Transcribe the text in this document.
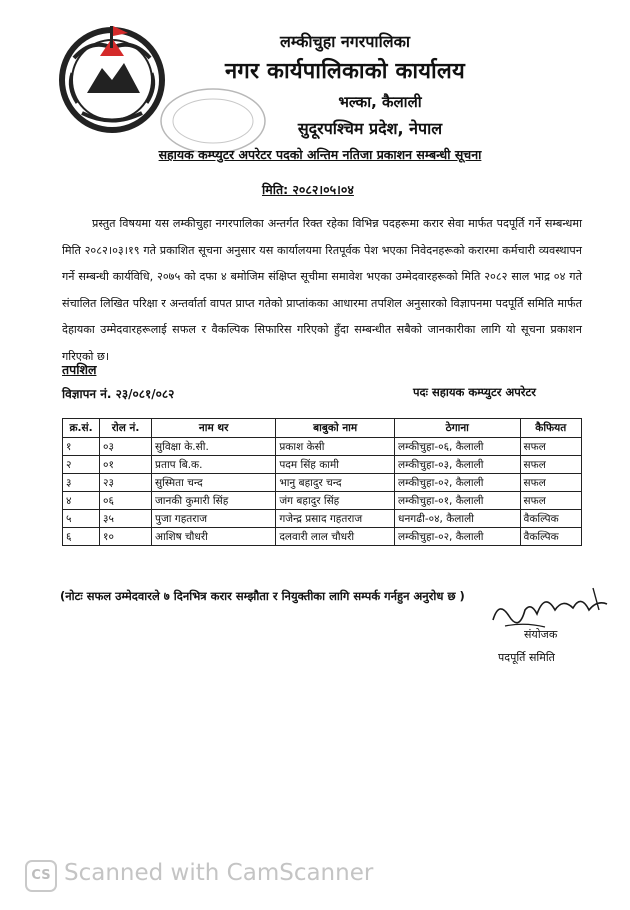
लम्कीचुहा नगरपालिका
नगर कार्यपालिकाको कार्यालय
भल्का, कैलाली
सुदूरपश्चिम प्रदेश, नेपाल
सहायक कम्प्युटर अपरेटर पदको अन्तिम नतिजा प्रकाशन सम्बन्धी सूचना
मिति: २०८२।०५।०४

प्रस्तुत विषयमा यस लम्कीचुहा नगरपालिका अन्तर्गत रिक्त रहेका विभिन्न पदहरूमा करार सेवा मार्फत पदपूर्ति गर्ने सम्बन्धमा मिति २०८२।०३।१९ गते प्रकाशित सूचना अनुसार यस कार्यालयमा रितपूर्वक पेश भएका निवेदनहरूको करारमा कर्मचारी व्यवस्थापन गर्ने सम्बन्धी कार्यविधि, २०७५ को दफा ४ बमोजिम संक्षिप्त सूचीमा समावेश भएका उम्मेदवारहरूको मिति २०८२ साल भाद्र ०४ गते संचालित लिखित परिक्षा र अन्तर्वार्ता वापत प्राप्त गतेको प्राप्तांकका आधारमा तपशिल अनुसारको विज्ञापनमा पदपूर्ति समिति मार्फत देहायका उम्मेदवारहरूलाई सफल र वैकल्पिक सिफारिस गरिएको हुँदा सम्बन्धीत सबैको जानकारीका लागि यो सूचना प्रकाशन गरिएको छ।

तपशिल
विज्ञापन नं. २३/०८१/०८२	पदः सहायक कम्प्युटर अपरेटर
क्र.सं.	रोल नं.	नाम थर	बाबुको नाम	ठेगाना	कैफियत
१	०३	सुविक्षा के.सी.	प्रकाश केसी	लम्कीचुहा-०६, कैलाली	सफल
२	०१	प्रताप बि.क.	पदम सिंह कामी	लम्कीचुहा-०३, कैलाली	सफल
३	२३	सुस्मिता चन्द	भानु बहादुर चन्द	लम्कीचुहा-०२, कैलाली	सफल
४	०६	जानकी कुमारी सिंह	जंग बहादुर सिंह	लम्कीचुहा-०१, कैलाली	सफल
५	३५	पुजा गहतराज	गजेन्द्र प्रसाद गहतराज	धनगढी-०४, कैलाली	वैकल्पिक
६	१०	आशिष चौधरी	दलवारी लाल चौधरी	लम्कीचुहा-०२, कैलाली	वैकल्पिक
(नोटः सफल उम्मेदवारले ७ दिनभित्र करार सम्झौता र नियुक्तीका लागि सम्पर्क गर्नहुन अनुरोध छ )
संयोजक
पदपूर्ति समिति
CS Scanned with CamScanner
